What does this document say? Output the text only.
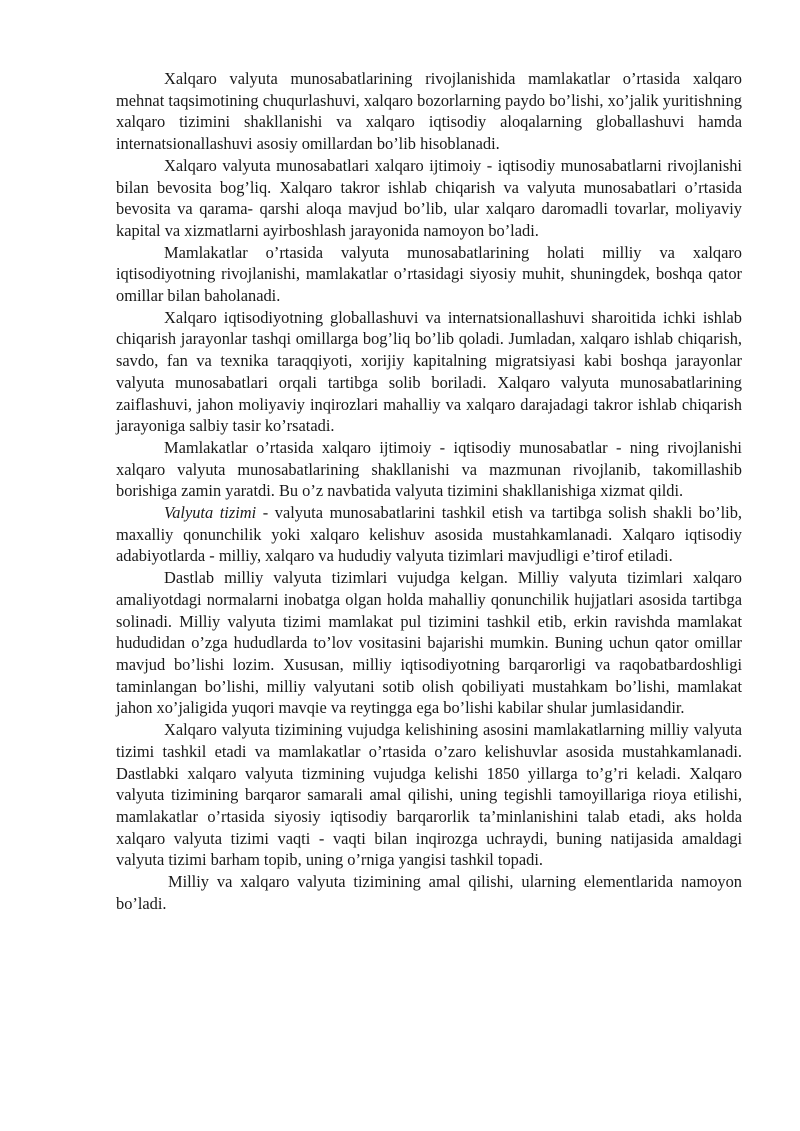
Xalqaro valyuta munosabatlarining rivojlanishida mamlakatlar o’rtasida xalqaro mehnat taqsimotining chuqurlashuvi, xalqaro bozorlarning paydo bo’lishi, xo’jalik yuritishning xalqaro tizimini shakllanishi va xalqaro iqtisodiy aloqalarning globallashuvi hamda internatsionallashuvi asosiy omillardan bo’lib hisoblanadi.

Xalqaro valyuta munosabatlari xalqaro ijtimoiy - iqtisodiy munosabatlarni rivojlanishi bilan bevosita bog’liq. Xalqaro takror ishlab chiqarish va valyuta munosabatlari o’rtasida bevosita va qarama- qarshi aloqa mavjud bo’lib, ular xalqaro daromadli tovarlar, moliyaviy kapital va xizmatlarni ayirboshlash jarayonida namoyon bo’ladi.

Mamlakatlar o’rtasida valyuta munosabatlarining holati milliy va xalqaro iqtisodiyotning rivojlanishi, mamlakatlar o’rtasidagi siyosiy muhit, shuningdek, boshqa qator omillar bilan baholanadi.

Xalqaro iqtisodiyotning globallashuvi va internatsionallashuvi sharoitida ichki ishlab chiqarish jarayonlar tashqi omillarga bog’liq bo’lib qoladi. Jumladan, xalqaro ishlab chiqarish, savdo, fan va texnika taraqqiyoti, xorijiy kapitalning migratsiyasi kabi boshqa jarayonlar valyuta munosabatlari orqali tartibga solib boriladi. Xalqaro valyuta munosabatlarining zaiflashuvi, jahon moliyaviy inqirozlari mahalliy va xalqaro darajadagi takror ishlab chiqarish jarayoniga salbiy tasir ko’rsatadi.

Mamlakatlar o’rtasida xalqaro ijtimoiy - iqtisodiy munosabatlar - ning rivojlanishi xalqaro valyuta munosabatlarining shakllanishi va mazmunan rivojlanib, takomillashib borishiga zamin yaratdi. Bu o’z navbatida valyuta tizimini shakllanishiga xizmat qildi.

Valyuta tizimi - valyuta munosabatlarini tashkil etish va tartibga solish shakli bo’lib, maxalliy qonunchilik yoki xalqaro kelishuv asosida mustahkamlanadi. Xalqaro iqtisodiy adabiyotlarda - milliy, xalqaro va hududiy valyuta tizimlari mavjudligi e’tirof etiladi.

Dastlab milliy valyuta tizimlari vujudga kelgan. Milliy valyuta tizimlari xalqaro amaliyotdagi normalarni inobatga olgan holda mahalliy qonunchilik hujjatlari asosida tartibga solinadi. Milliy valyuta tizimi mamlakat pul tizimini tashkil etib, erkin ravishda mamlakat hududidan o’zga hududlarda to’lov vositasini bajarishi mumkin. Buning uchun qator omillar mavjud bo’lishi lozim. Xususan, milliy iqtisodiyotning barqarorligi va raqobatbardoshligi taminlangan bo’lishi, milliy valyutani sotib olish qobiliyati mustahkam bo’lishi, mamlakat jahon xo’jaligida yuqori mavqie va reytingga ega bo’lishi kabilar shular jumlasidandir.

Xalqaro valyuta tizimining vujudga kelishining asosini mamlakatlarning milliy valyuta tizimi tashkil etadi va mamlakatlar o’rtasida o’zaro kelishuvlar asosida mustahkamlanadi. Dastlabki xalqaro valyuta tizmining vujudga kelishi 1850 yillarga to’g’ri keladi. Xalqaro valyuta tizimining barqaror samarali amal qilishi, uning tegishli tamoyillariga rioya etilishi, mamlakatlar o’rtasida siyosiy iqtisodiy barqarorlik ta’minlanishini talab etadi, aks holda xalqaro valyuta tizimi vaqti - vaqti bilan inqirozga uchraydi, buning natijasida amaldagi valyuta tizimi barham topib, uning o’rniga yangisi tashkil topadi.

Milliy va xalqaro valyuta tizimining amal qilishi, ularning elementlarida namoyon bo’ladi.
